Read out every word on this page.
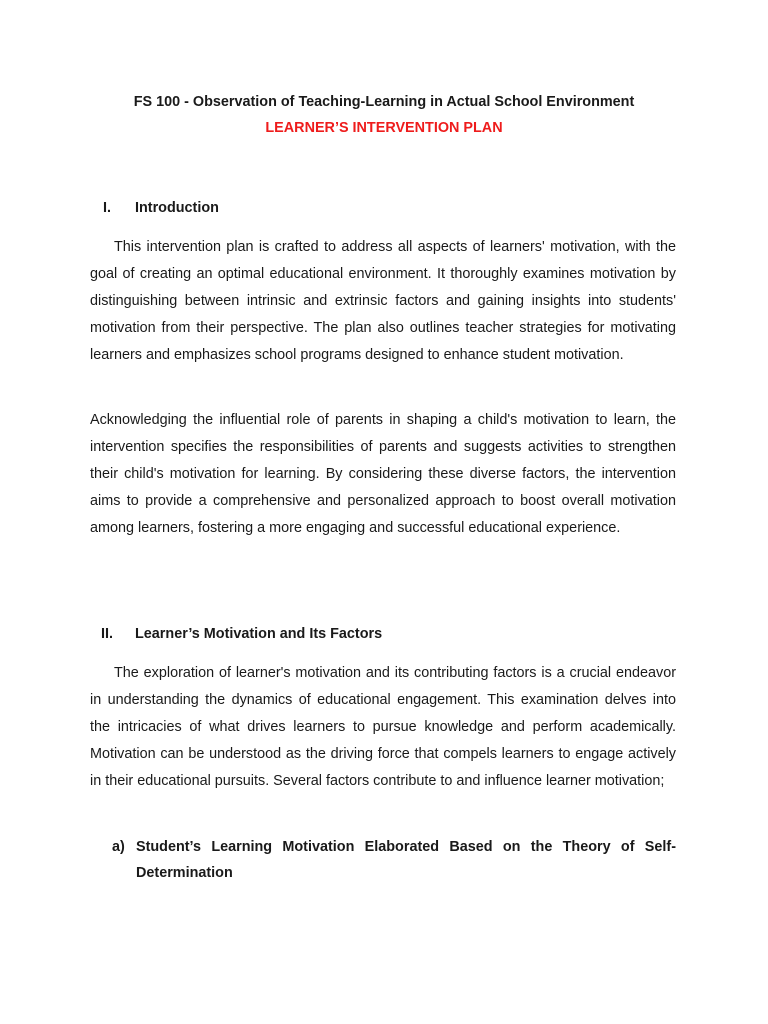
FS 100 - Observation of Teaching-Learning in Actual School Environment
LEARNER’S INTERVENTION PLAN
I. Introduction

This intervention plan is crafted to address all aspects of learners' motivation, with the goal of creating an optimal educational environment. It thoroughly examines motivation by distinguishing between intrinsic and extrinsic factors and gaining insights into students' motivation from their perspective. The plan also outlines teacher strategies for motivating learners and emphasizes school programs designed to enhance student motivation.

Acknowledging the influential role of parents in shaping a child's motivation to learn, the intervention specifies the responsibilities of parents and suggests activities to strengthen their child's motivation for learning. By considering these diverse factors, the intervention aims to provide a comprehensive and personalized approach to boost overall motivation among learners, fostering a more engaging and successful educational experience.

II. Learner’s Motivation and Its Factors

The exploration of learner's motivation and its contributing factors is a crucial endeavor in understanding the dynamics of educational engagement. This examination delves into the intricacies of what drives learners to pursue knowledge and perform academically. Motivation can be understood as the driving force that compels learners to engage actively in their educational pursuits. Several factors contribute to and influence learner motivation;

a) Student’s Learning Motivation Elaborated Based on the Theory of Self-Determination
